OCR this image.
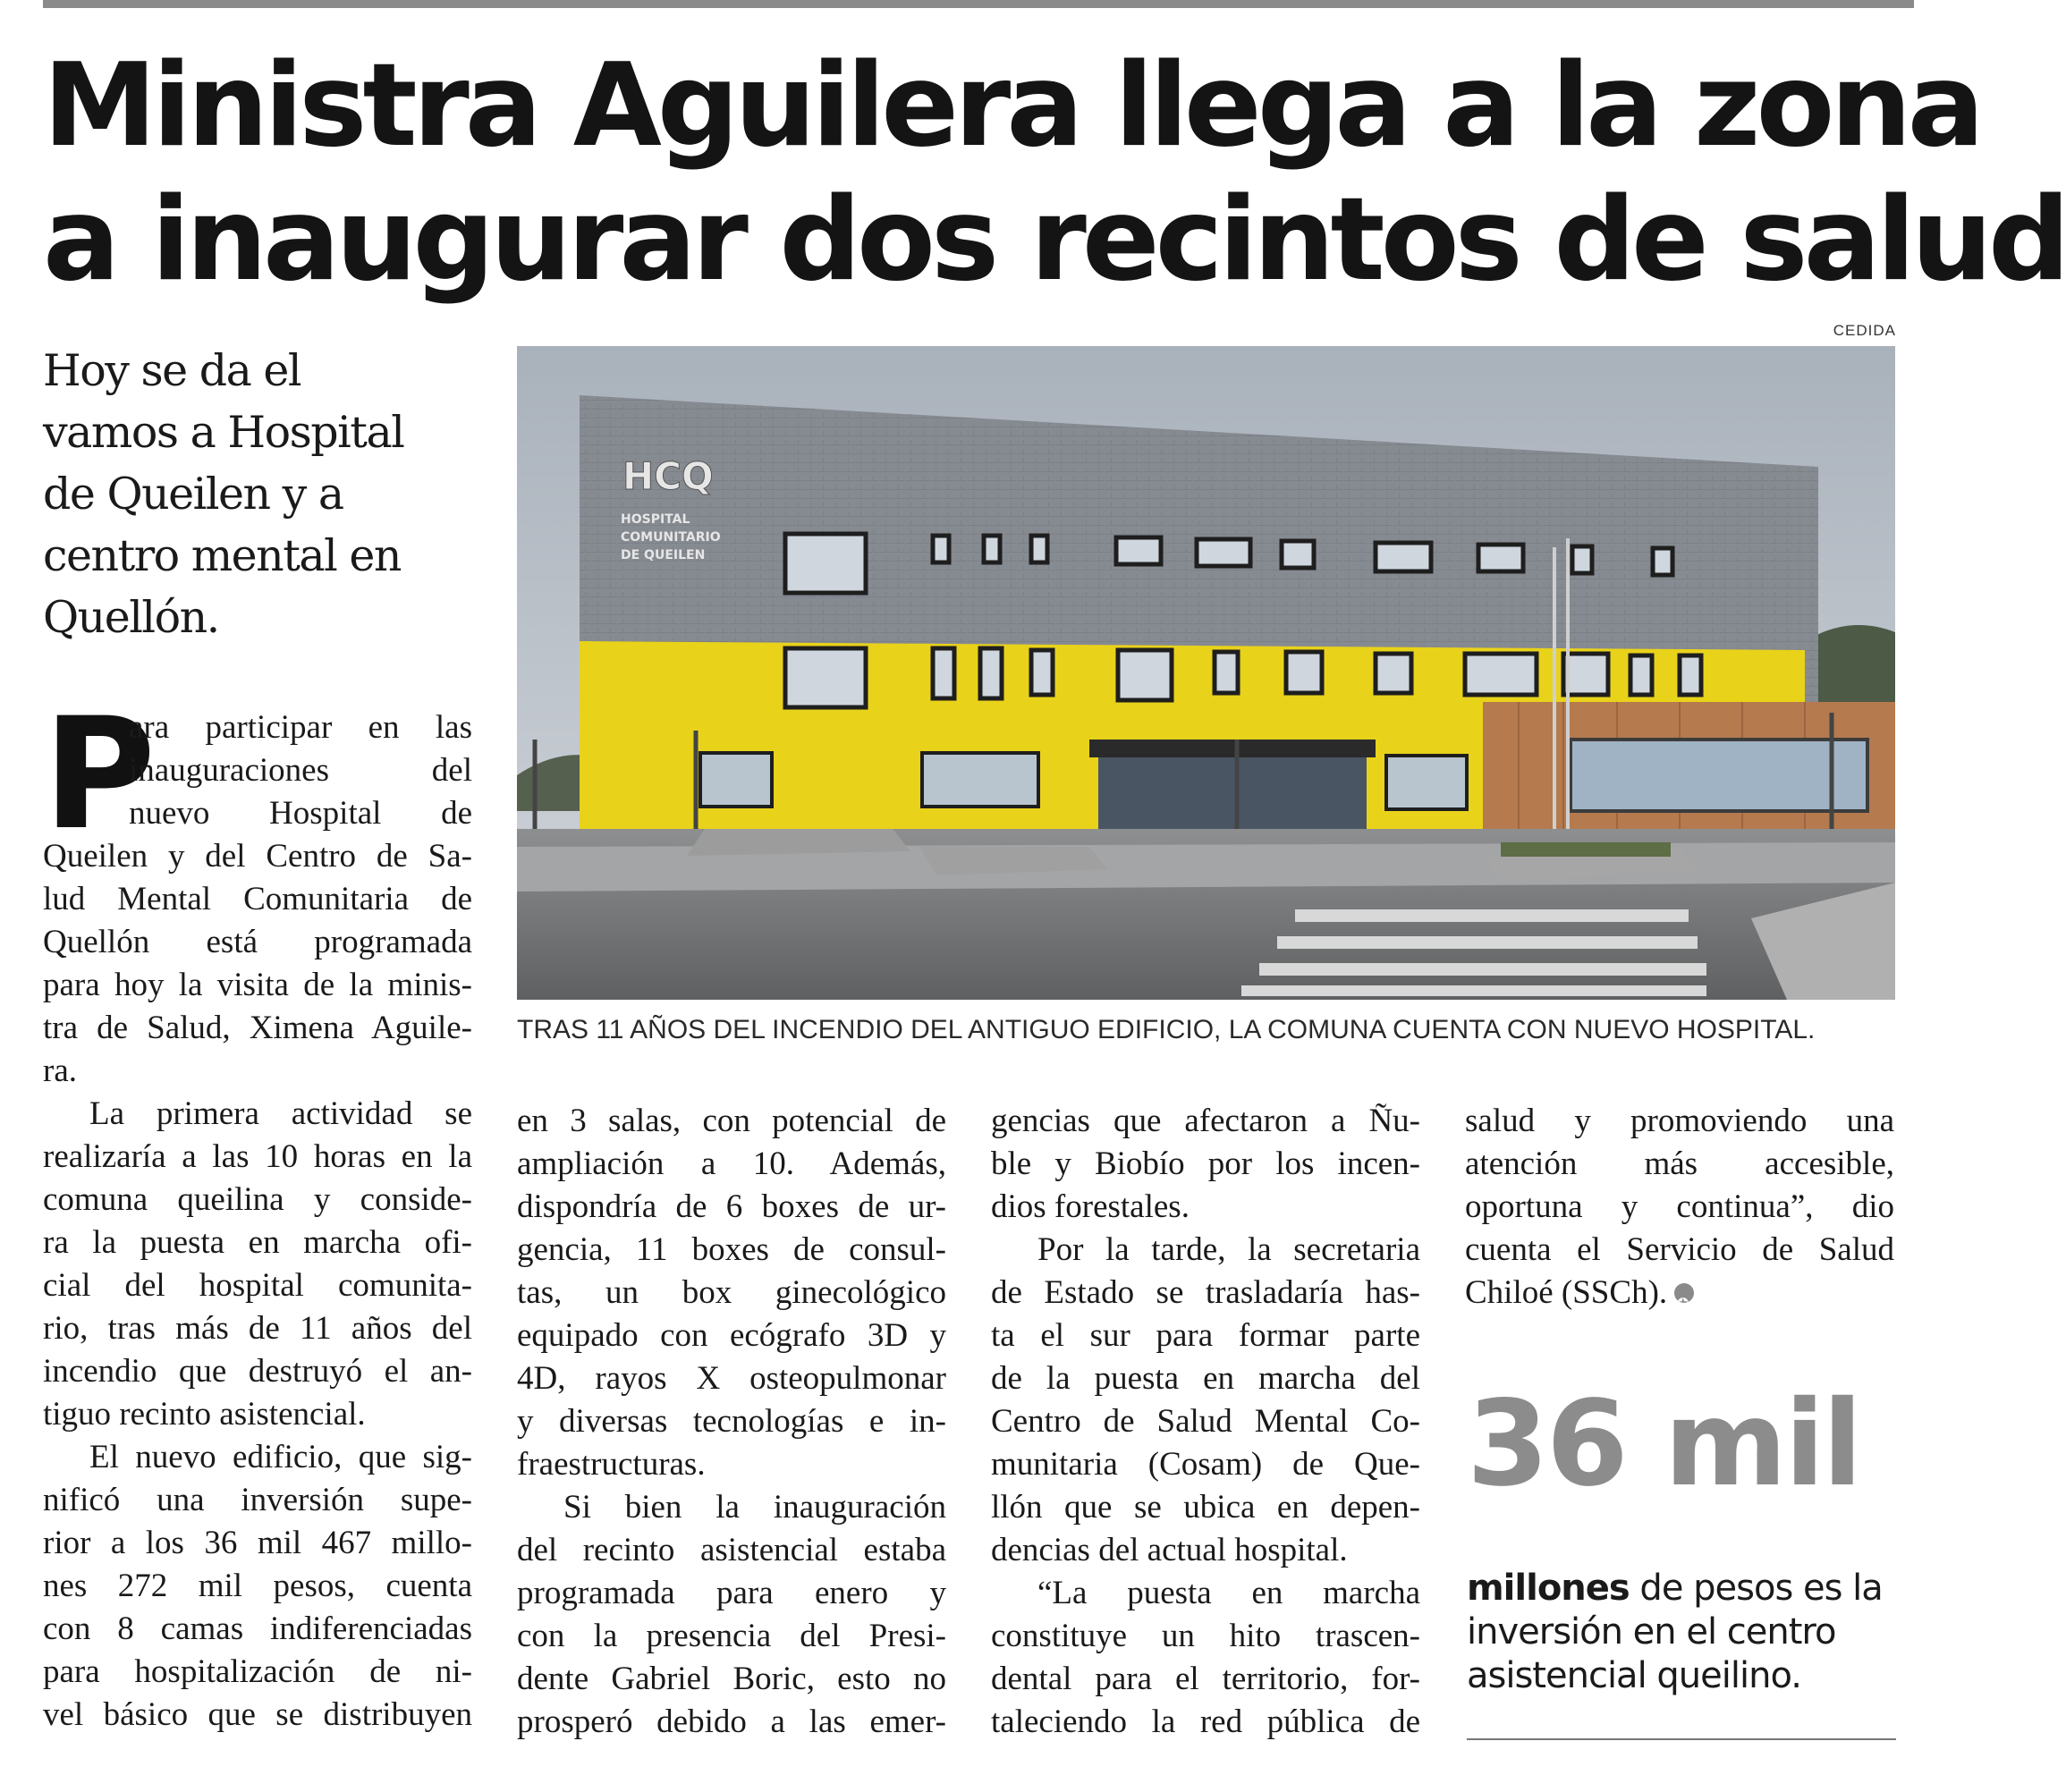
Ministra Aguilera llega a la zona
a inaugurar dos recintos de salud
Hoy se da el
vamos a Hospital
de Queilen y a
centro mental en
Quellón.
CEDIDA
HCQ
HOSPITAL
COMUNITARIO
DE QUEILEN

TRAS 11 AÑOS DEL INCENDIO DEL ANTIGUO EDIFICIO, LA COMUNA CUENTA CON NUEVO HOSPITAL.

P
ara participar en las
inauguraciones del
nuevo Hospital de
Queilen y del Centro de Sa-
lud Mental Comunitaria de
Quellón está programada
para hoy la visita de la minis-
tra de Salud, Ximena Aguile-
ra.
La primera actividad se
realizaría a las 10 horas en la
comuna queilina y conside-
ra la puesta en marcha ofi-
cial del hospital comunita-
rio, tras más de 11 años del
incendio que destruyó el an-
tiguo recinto asistencial.
El nuevo edificio, que sig-
nificó una inversión supe-
rior a los 36 mil 467 millo-
nes 272 mil pesos, cuenta
con 8 camas indiferenciadas
para hospitalización de ni-
vel básico que se distribuyen
en 3 salas, con potencial de
ampliación a 10. Además,
dispondría de 6 boxes de ur-
gencia, 11 boxes de consul-
tas, un box ginecológico
equipado con ecógrafo 3D y
4D, rayos X osteopulmonar
y diversas tecnologías e in-
fraestructuras.
Si bien la inauguración
del recinto asistencial estaba
programada para enero y
con la presencia del Presi-
dente Gabriel Boric, esto no
prosperó debido a las emer-
gencias que afectaron a Ñu-
ble y Biobío por los incen-
dios forestales.
Por la tarde, la secretaria
de Estado se trasladaría has-
ta el sur para formar parte
de la puesta en marcha del
Centro de Salud Mental Co-
munitaria (Cosam) de Que-
llón que se ubica en depen-
dencias del actual hospital.
“La puesta en marcha
constituye un hito trascen-
dental para el territorio, for-
taleciendo la red pública de
salud y promoviendo una
atención más accesible,
oportuna y continua”, dio
cuenta el Servicio de Salud
Chiloé (SSCh).✪
36 mil
millones de pesos es la
inversión en el centro
asistencial queilino.
